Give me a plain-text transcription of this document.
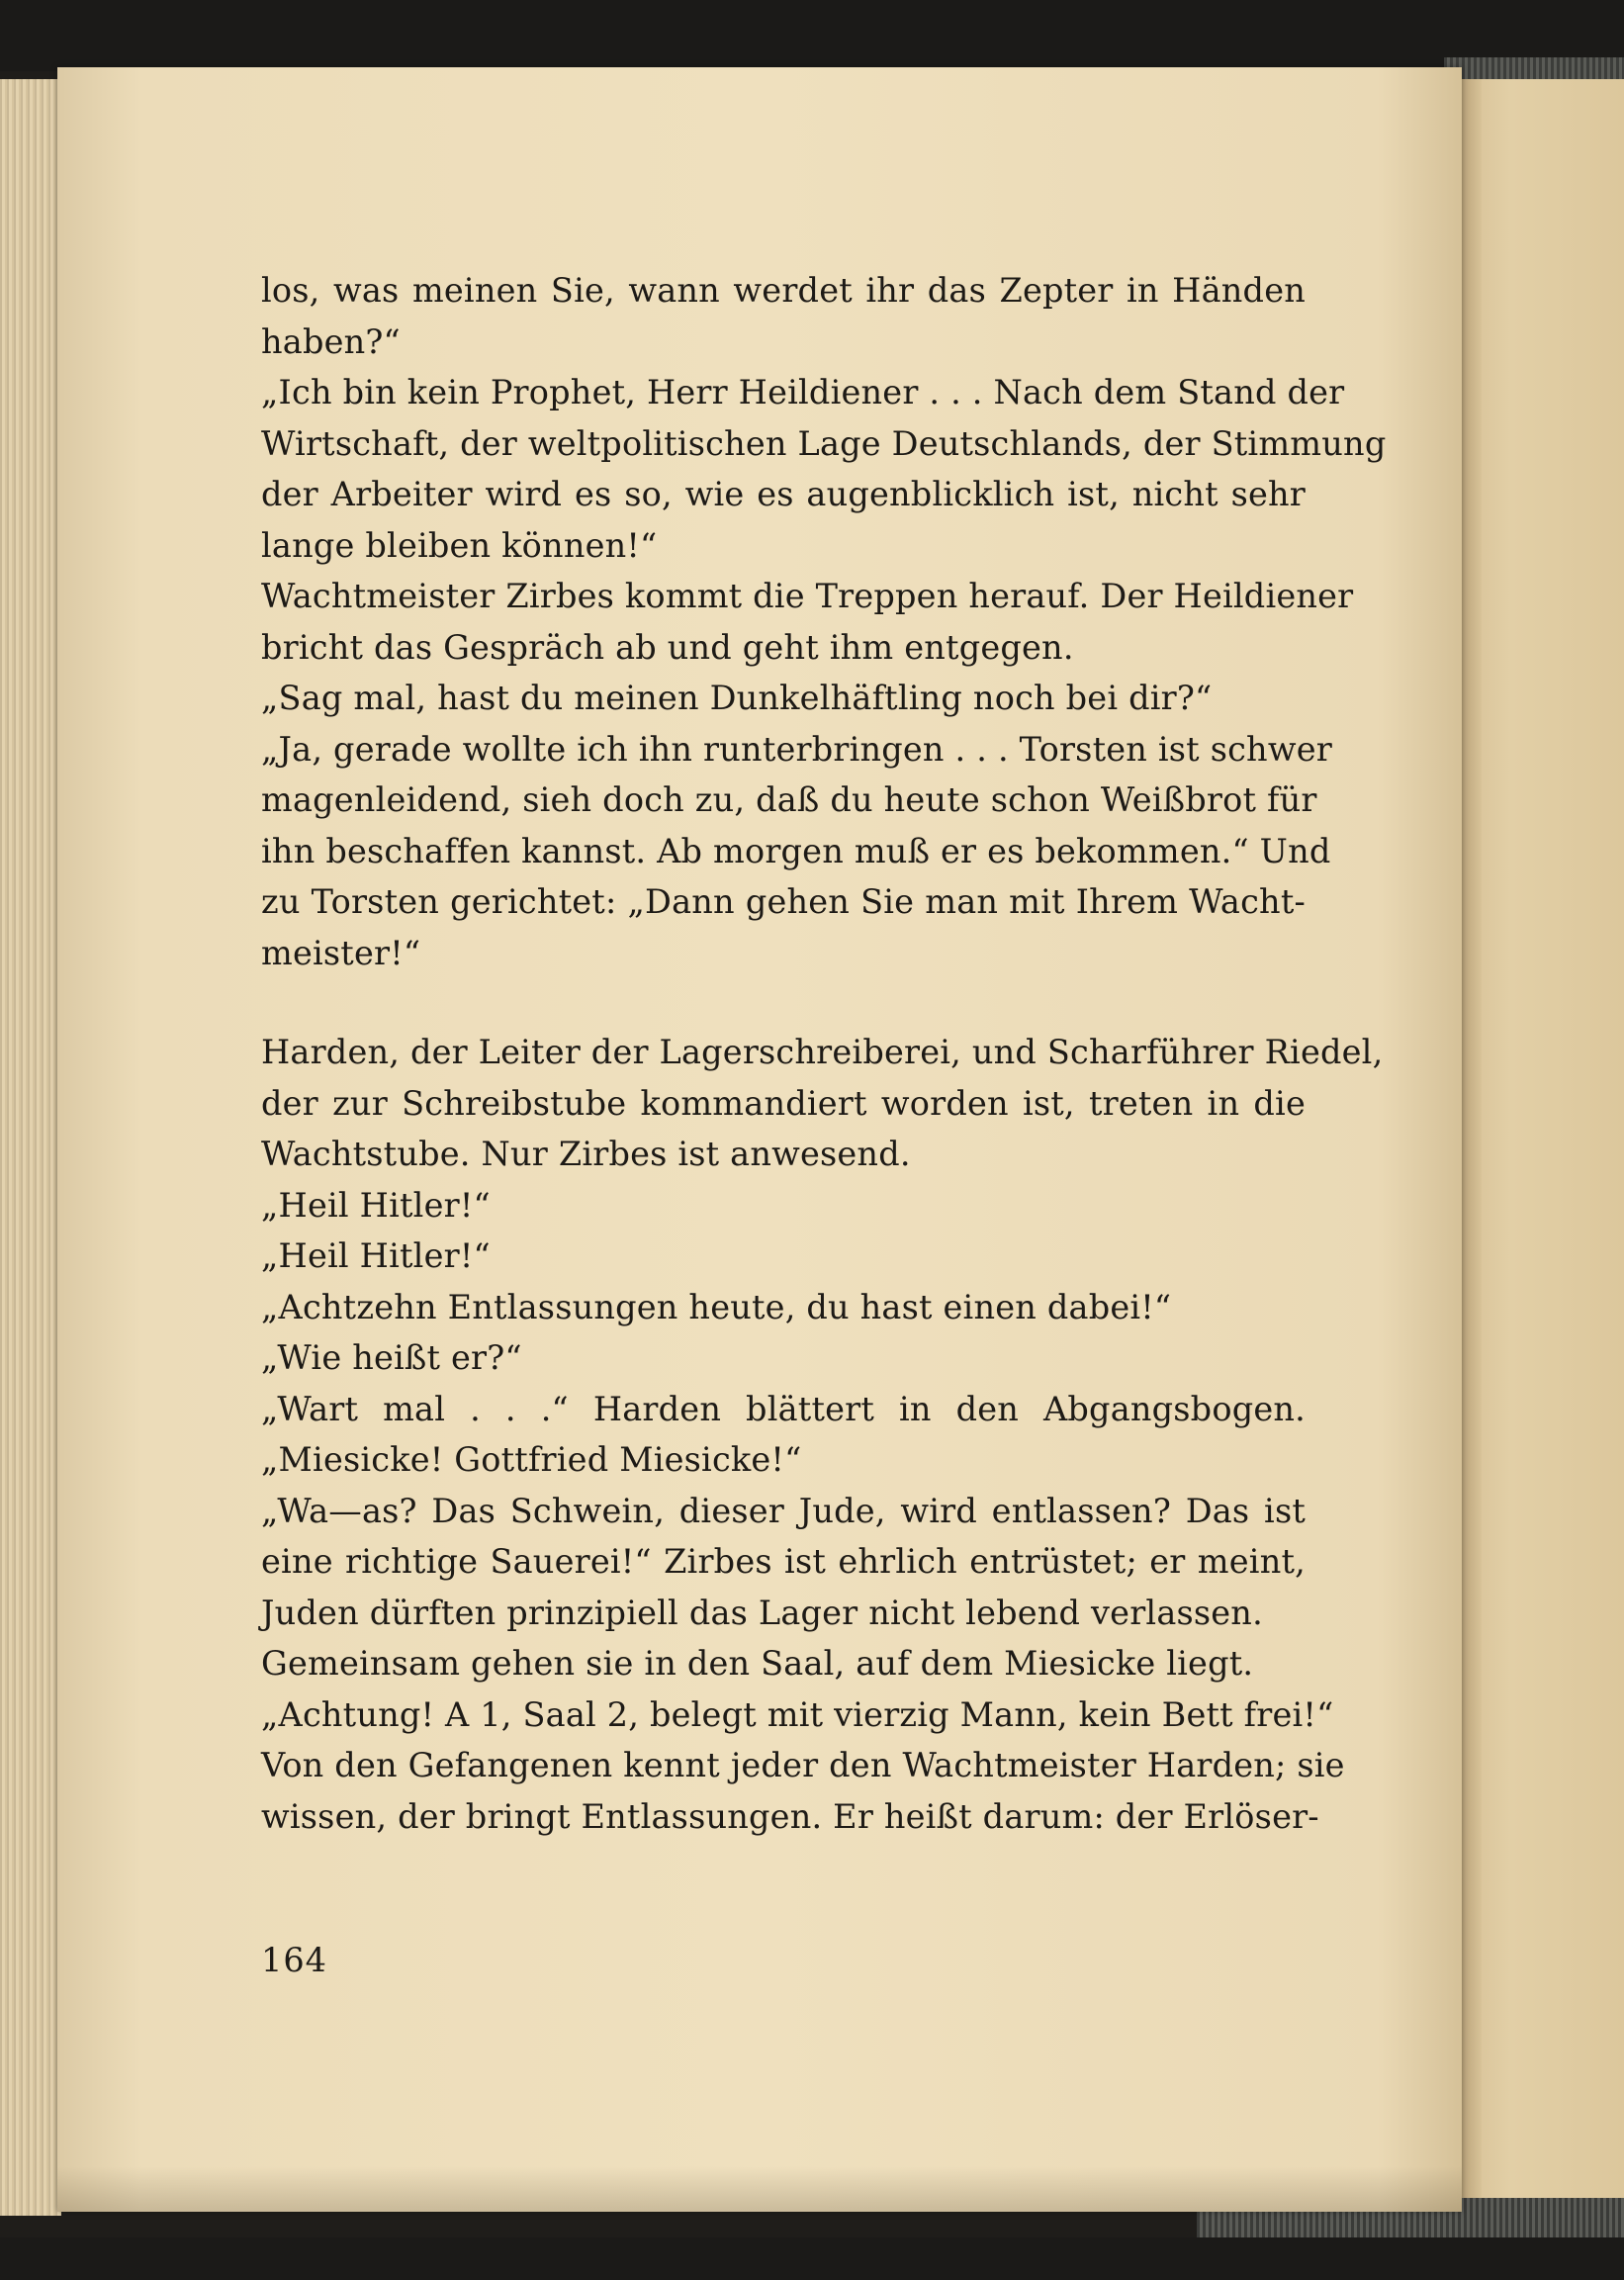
los, was meinen Sie, wann werdet ihr das Zepter in Händen
haben?“
„Ich bin kein Prophet, Herr Heildiener . . . Nach dem Stand der
Wirtschaft, der weltpolitischen Lage Deutschlands, der Stimmung
der Arbeiter wird es so, wie es augenblicklich ist, nicht sehr
lange bleiben können!“
Wachtmeister Zirbes kommt die Treppen herauf. Der Heildiener
bricht das Gespräch ab und geht ihm entgegen.
„Sag mal, hast du meinen Dunkelhäftling noch bei dir?“
„Ja, gerade wollte ich ihn runterbringen . . . Torsten ist schwer
magenleidend, sieh doch zu, daß du heute schon Weißbrot für
ihn beschaffen kannst. Ab morgen muß er es bekommen.“ Und
zu Torsten gerichtet: „Dann gehen Sie man mit Ihrem Wacht-
meister!“
Harden, der Leiter der Lagerschreiberei, und Scharführer Riedel,
der zur Schreibstube kommandiert worden ist, treten in die
Wachtstube. Nur Zirbes ist anwesend.
„Heil Hitler!“
„Heil Hitler!“
„Achtzehn Entlassungen heute, du hast einen dabei!“
„Wie heißt er?“
„Wart mal . . .“ Harden blättert in den Abgangsbogen.
„Miesicke! Gottfried Miesicke!“
„Wa—as? Das Schwein, dieser Jude, wird entlassen? Das ist
eine richtige Sauerei!“ Zirbes ist ehrlich entrüstet; er meint,
Juden dürften prinzipiell das Lager nicht lebend verlassen.
Gemeinsam gehen sie in den Saal, auf dem Miesicke liegt.
„Achtung! A 1, Saal 2, belegt mit vierzig Mann, kein Bett frei!“
Von den Gefangenen kennt jeder den Wachtmeister Harden; sie
wissen, der bringt Entlassungen. Er heißt darum: der Erlöser-
164
